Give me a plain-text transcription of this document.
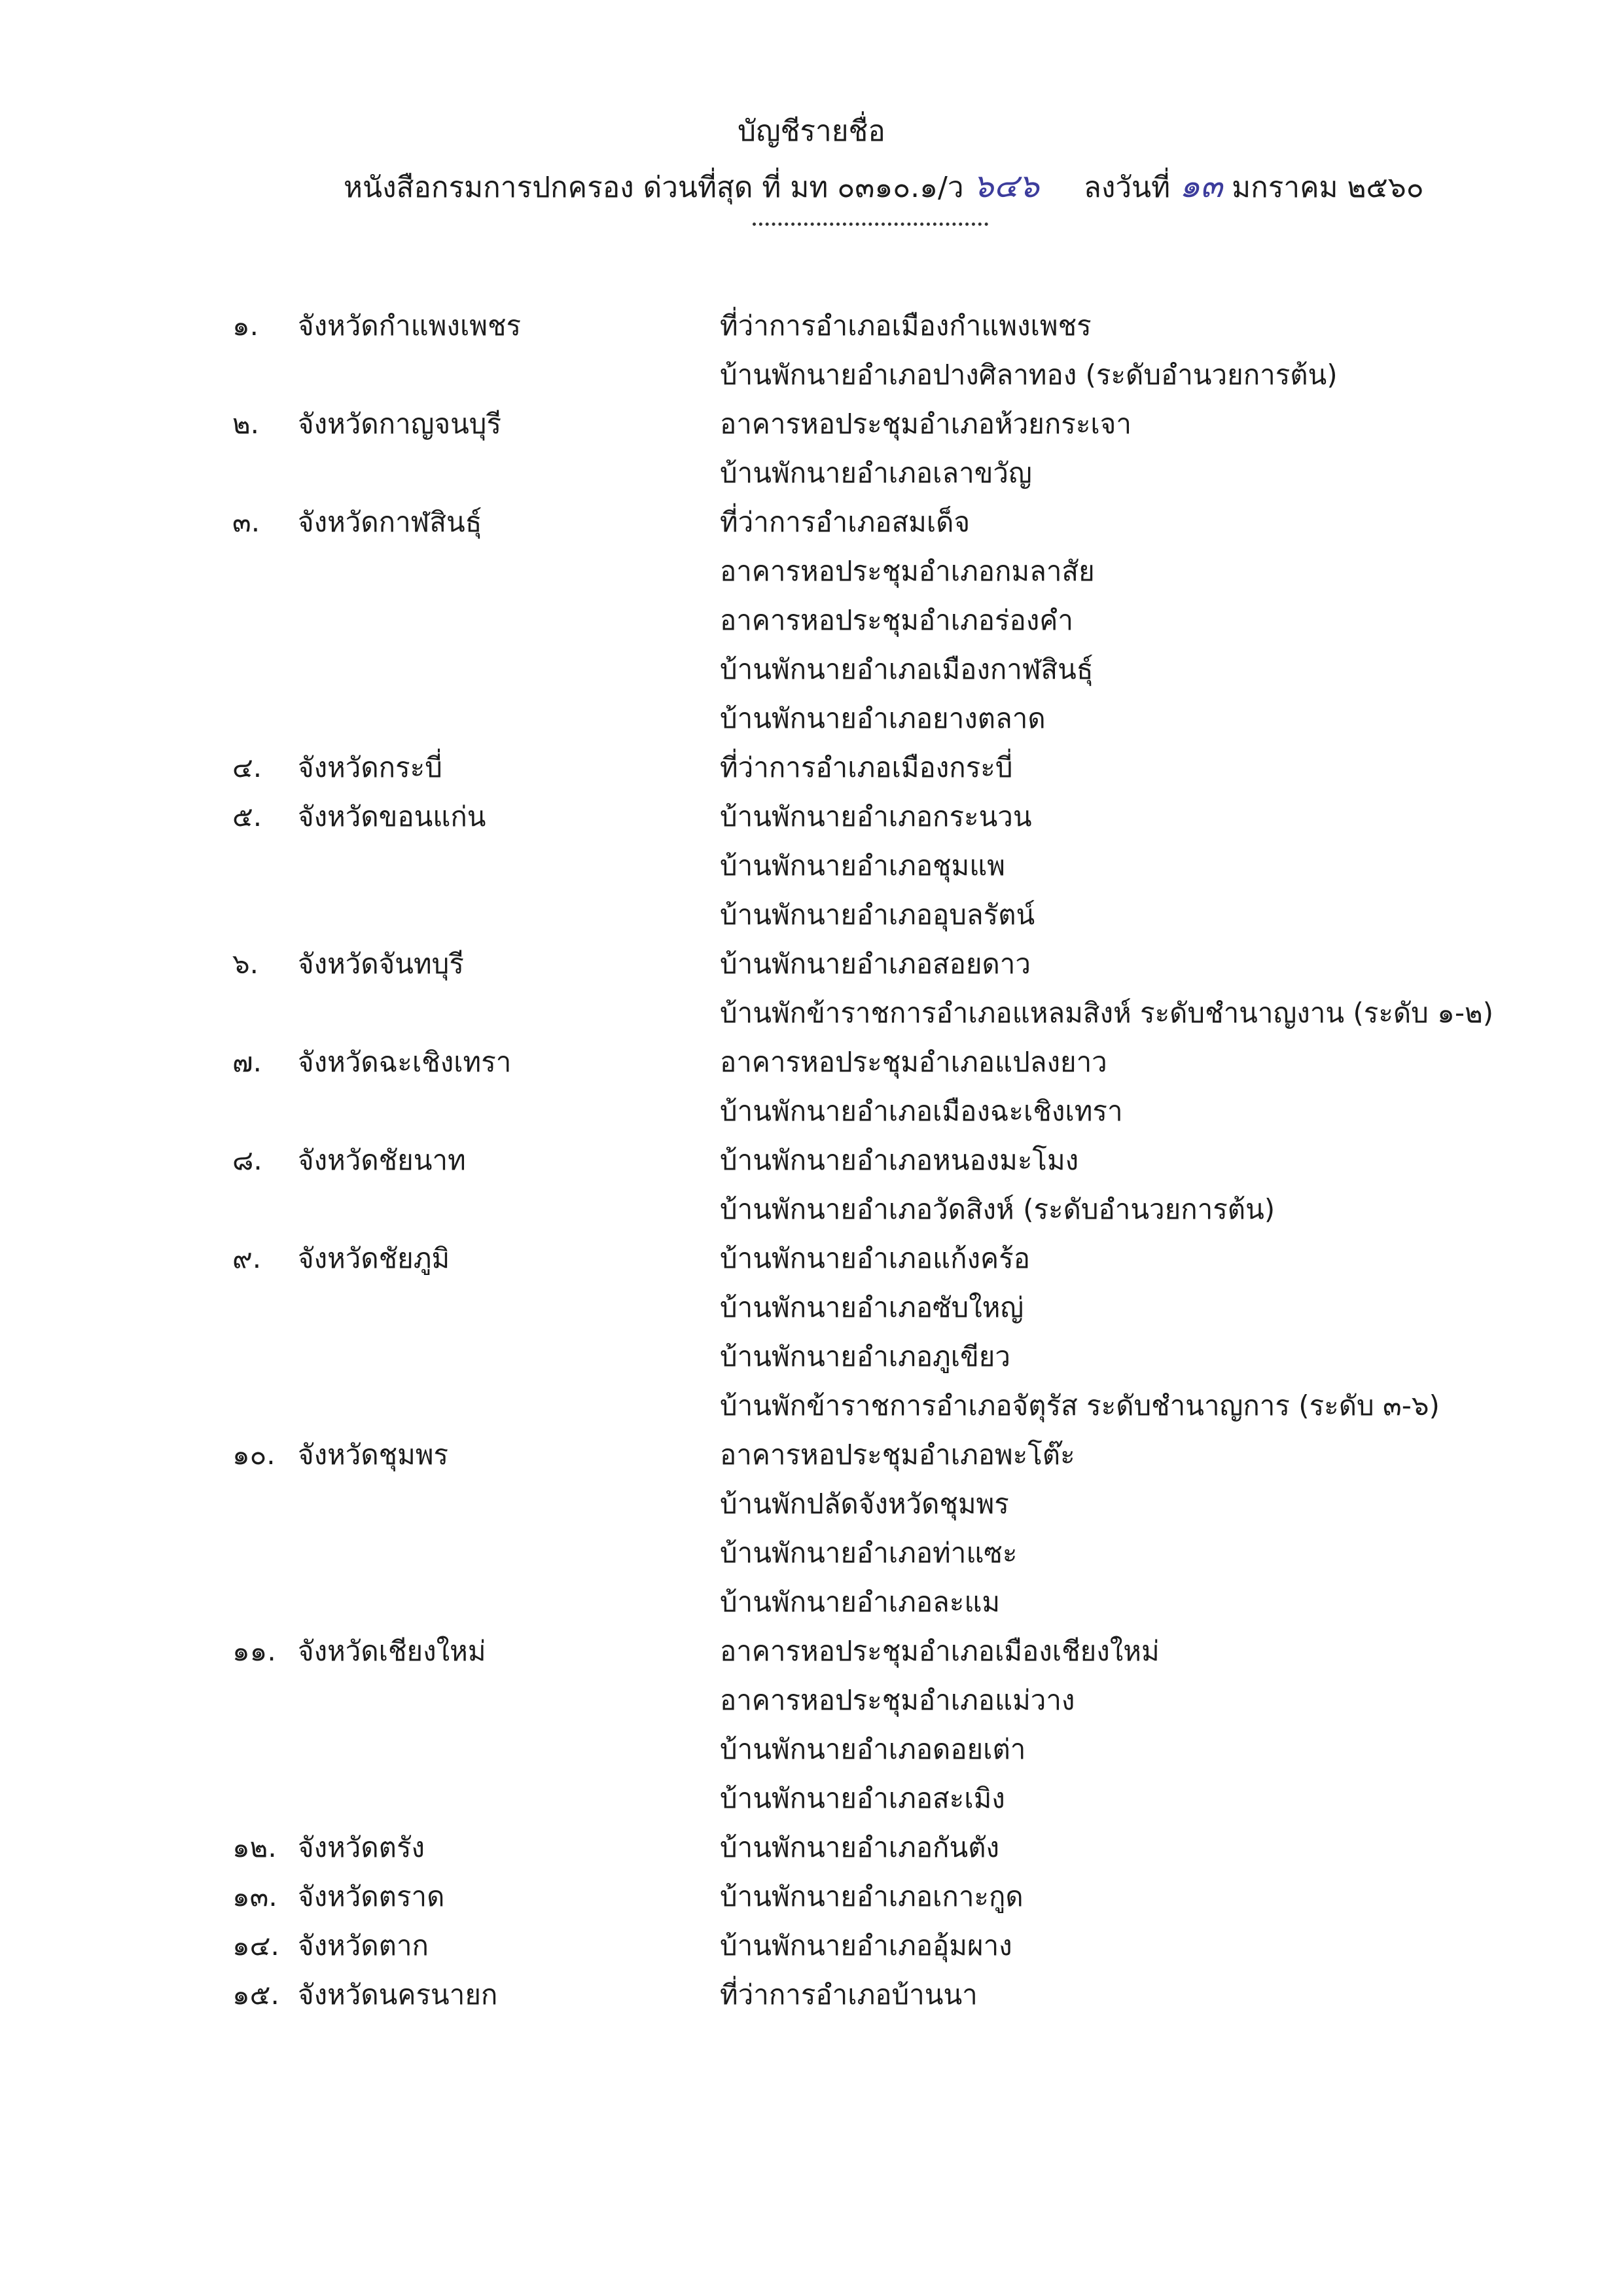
บัญชีรายชื่อ
หนังสือกรมการปกครอง ด่วนที่สุด ที่ มท ๐๓๑๐.๑/ว ๖๔๖ ลงวันที่ ๑๓ มกราคม ๒๕๖๐
๑.	จังหวัดกำแพงเพชร	ที่ว่าการอำเภอเมืองกำแพงเพชร
บ้านพักนายอำเภอปางศิลาทอง (ระดับอำนวยการต้น)
๒.	จังหวัดกาญจนบุรี	อาคารหอประชุมอำเภอห้วยกระเจา
บ้านพักนายอำเภอเลาขวัญ
๓.	จังหวัดกาฬสินธุ์	ที่ว่าการอำเภอสมเด็จ
อาคารหอประชุมอำเภอกมลาสัย
อาคารหอประชุมอำเภอร่องคำ
บ้านพักนายอำเภอเมืองกาฬสินธุ์
บ้านพักนายอำเภอยางตลาด
๔.	จังหวัดกระบี่	ที่ว่าการอำเภอเมืองกระบี่
๕.	จังหวัดขอนแก่น	บ้านพักนายอำเภอกระนวน
บ้านพักนายอำเภอชุมแพ
บ้านพักนายอำเภออุบลรัตน์
๖.	จังหวัดจันทบุรี	บ้านพักนายอำเภอสอยดาว
บ้านพักข้าราชการอำเภอแหลมสิงห์ ระดับชำนาญงาน (ระดับ ๑-๒)
๗.	จังหวัดฉะเชิงเทรา	อาคารหอประชุมอำเภอแปลงยาว
บ้านพักนายอำเภอเมืองฉะเชิงเทรา
๘.	จังหวัดชัยนาท	บ้านพักนายอำเภอหนองมะโมง
บ้านพักนายอำเภอวัดสิงห์ (ระดับอำนวยการต้น)
๙.	จังหวัดชัยภูมิ	บ้านพักนายอำเภอแก้งคร้อ
บ้านพักนายอำเภอซับใหญ่
บ้านพักนายอำเภอภูเขียว
บ้านพักข้าราชการอำเภอจัตุรัส ระดับชำนาญการ (ระดับ ๓-๖)
๑๐. จังหวัดชุมพร	อาคารหอประชุมอำเภอพะโต๊ะ
บ้านพักปลัดจังหวัดชุมพร
บ้านพักนายอำเภอท่าแซะ
บ้านพักนายอำเภอละแม
๑๑. จังหวัดเชียงใหม่	อาคารหอประชุมอำเภอเมืองเชียงใหม่
อาคารหอประชุมอำเภอแม่วาง
บ้านพักนายอำเภอดอยเต่า
บ้านพักนายอำเภอสะเมิง
๑๒. จังหวัดตรัง	บ้านพักนายอำเภอกันตัง
๑๓. จังหวัดตราด	บ้านพักนายอำเภอเกาะกูด
๑๔. จังหวัดตาก	บ้านพักนายอำเภออุ้มผาง
๑๕. จังหวัดนครนายก	ที่ว่าการอำเภอบ้านนา
